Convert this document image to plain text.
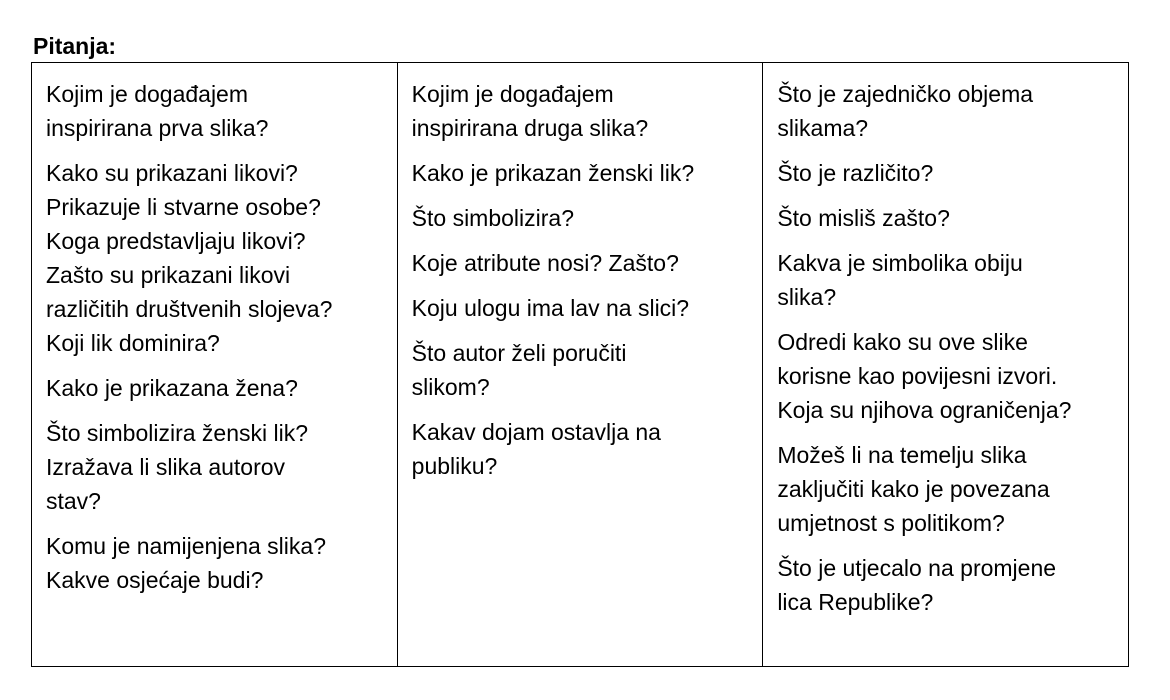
Pitanja:

Kojim je događajem
inspirirana prva slika?

Kako su prikazani likovi?
Prikazuje li stvarne osobe?
Koga predstavljaju likovi?
Zašto su prikazani likovi
različitih društvenih slojeva?
Koji lik dominira?

Kako je prikazana žena?

Što simbolizira ženski lik?
Izražava li slika autorov
stav?

Komu je namijenjena slika?
Kakve osjećaje budi?

Kojim je događajem
inspirirana druga slika?

Kako je prikazan ženski lik?

Što simbolizira?

Koje atribute nosi? Zašto?

Koju ulogu ima lav na slici?

Što autor želi poručiti
slikom?

Kakav dojam ostavlja na
publiku?

Što je zajedničko objema
slikama?

Što je različito?

Što misliš zašto?

Kakva je simbolika obiju
slika?

Odredi kako su ove slike
korisne kao povijesni izvori.
Koja su njihova ograničenja?

Možeš li na temelju slika
zaključiti kako je povezana
umjetnost s politikom?

Što je utjecalo na promjene
lica Republike?
